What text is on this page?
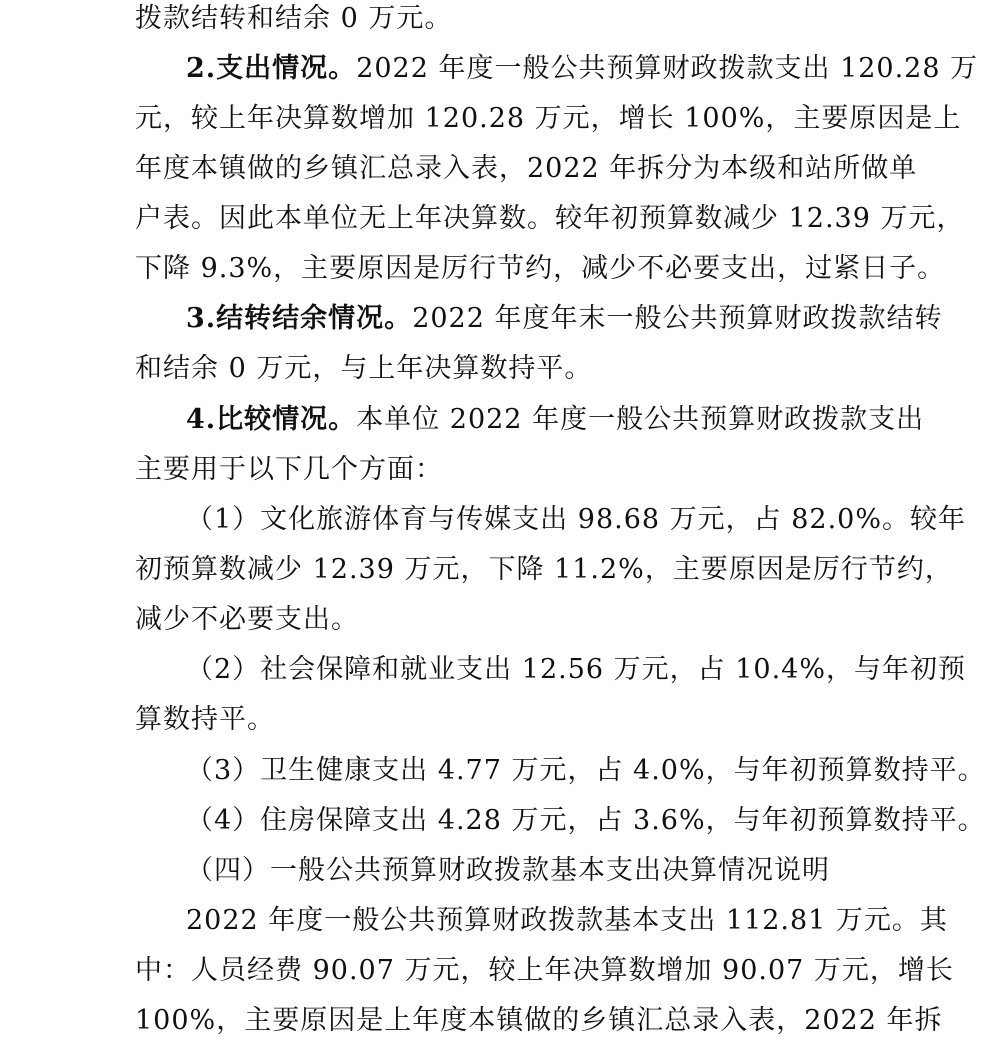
拨款结转和结余 0 万元。
2.支出情况。2022 年度一般公共预算财政拨款支出 120.28 万
元，较上年决算数增加 120.28 万元，增长 100%，主要原因是上
年度本镇做的乡镇汇总录入表，2022 年拆分为本级和站所做单
户表。因此本单位无上年决算数。较年初预算数减少 12.39 万元，
下降 9.3%，主要原因是厉行节约，减少不必要支出，过紧日子。
3.结转结余情况。2022 年度年末一般公共预算财政拨款结转
和结余 0 万元，与上年决算数持平。
4.比较情况。本单位 2022 年度一般公共预算财政拨款支出
主要用于以下几个方面：
（1）文化旅游体育与传媒支出 98.68 万元，占 82.0%。较年
初预算数减少 12.39 万元，下降 11.2%，主要原因是厉行节约，
减少不必要支出。
（2）社会保障和就业支出 12.56 万元，占 10.4%，与年初预
算数持平。
（3）卫生健康支出 4.77 万元，占 4.0%，与年初预算数持平。
（4）住房保障支出 4.28 万元，占 3.6%，与年初预算数持平。
（四）一般公共预算财政拨款基本支出决算情况说明
2022 年度一般公共预算财政拨款基本支出 112.81 万元。其
中：人员经费 90.07 万元，较上年决算数增加 90.07 万元，增长
100%，主要原因是上年度本镇做的乡镇汇总录入表，2022 年拆
